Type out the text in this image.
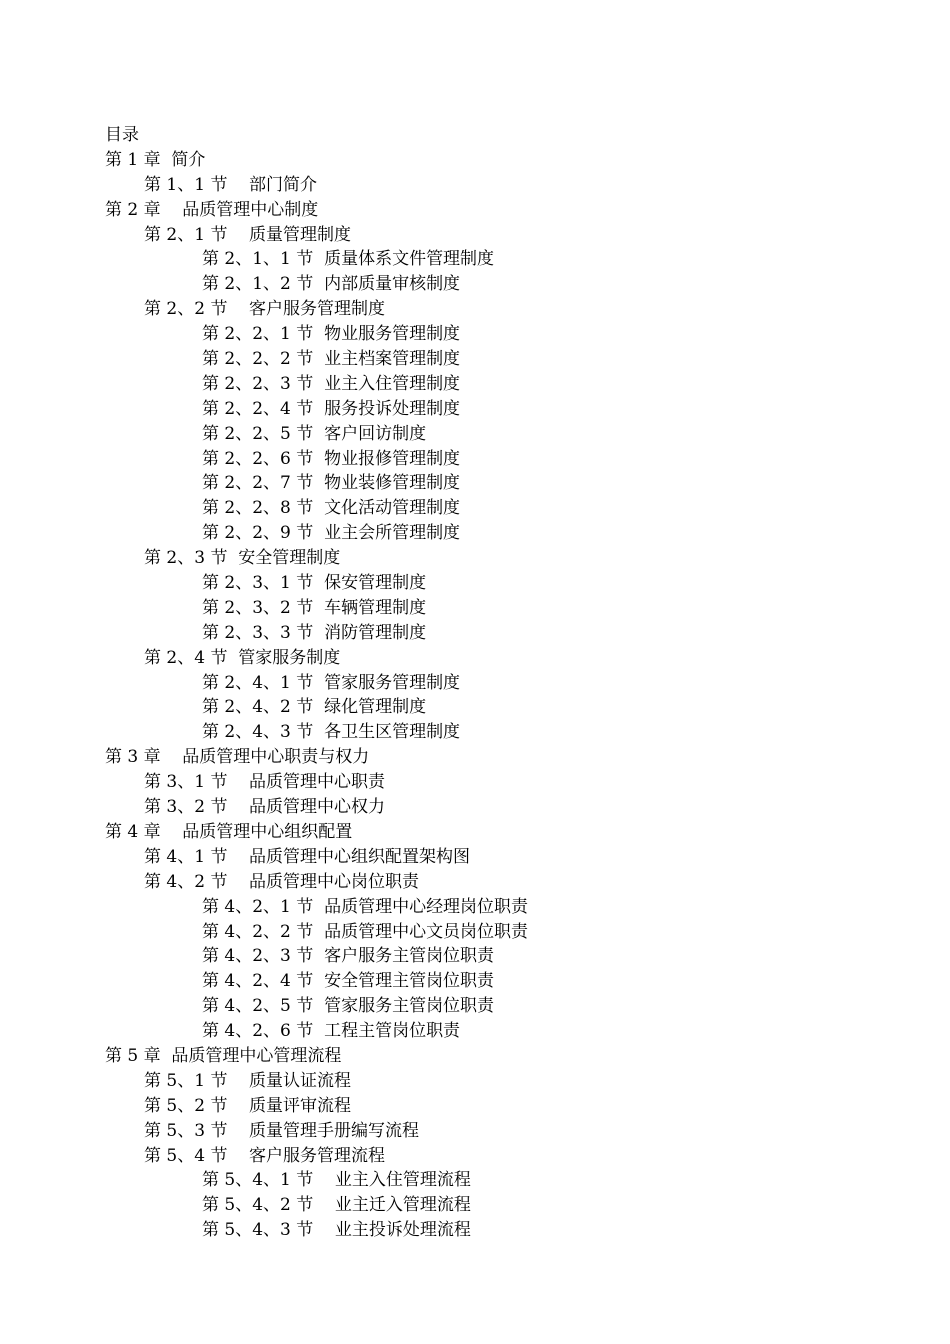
目录
第 1 章  简介
第 1、1 节    部门简介
第 2 章    品质管理中心制度
第 2、1 节    质量管理制度
第 2、1、1 节  质量体系文件管理制度
第 2、1、2 节  内部质量审核制度
第 2、2 节    客户服务管理制度
第 2、2、1 节  物业服务管理制度
第 2、2、2 节  业主档案管理制度
第 2、2、3 节  业主入住管理制度
第 2、2、4 节  服务投诉处理制度
第 2、2、5 节  客户回访制度
第 2、2、6 节  物业报修管理制度
第 2、2、7 节  物业装修管理制度
第 2、2、8 节  文化活动管理制度
第 2、2、9 节  业主会所管理制度
第 2、3 节  安全管理制度
第 2、3、1 节  保安管理制度
第 2、3、2 节  车辆管理制度
第 2、3、3 节  消防管理制度
第 2、4 节  管家服务制度
第 2、4、1 节  管家服务管理制度
第 2、4、2 节  绿化管理制度
第 2、4、3 节  各卫生区管理制度
第 3 章    品质管理中心职责与权力
第 3、1 节    品质管理中心职责
第 3、2 节    品质管理中心权力
第 4 章    品质管理中心组织配置
第 4、1 节    品质管理中心组织配置架构图
第 4、2 节    品质管理中心岗位职责
第 4、2、1 节  品质管理中心经理岗位职责
第 4、2、2 节  品质管理中心文员岗位职责
第 4、2、3 节  客户服务主管岗位职责
第 4、2、4 节  安全管理主管岗位职责
第 4、2、5 节  管家服务主管岗位职责
第 4、2、6 节  工程主管岗位职责
第 5 章  品质管理中心管理流程
第 5、1 节    质量认证流程
第 5、2 节    质量评审流程
第 5、3 节    质量管理手册编写流程
第 5、4 节    客户服务管理流程
第 5、4、1 节    业主入住管理流程
第 5、4、2 节    业主迁入管理流程
第 5、4、3 节    业主投诉处理流程
